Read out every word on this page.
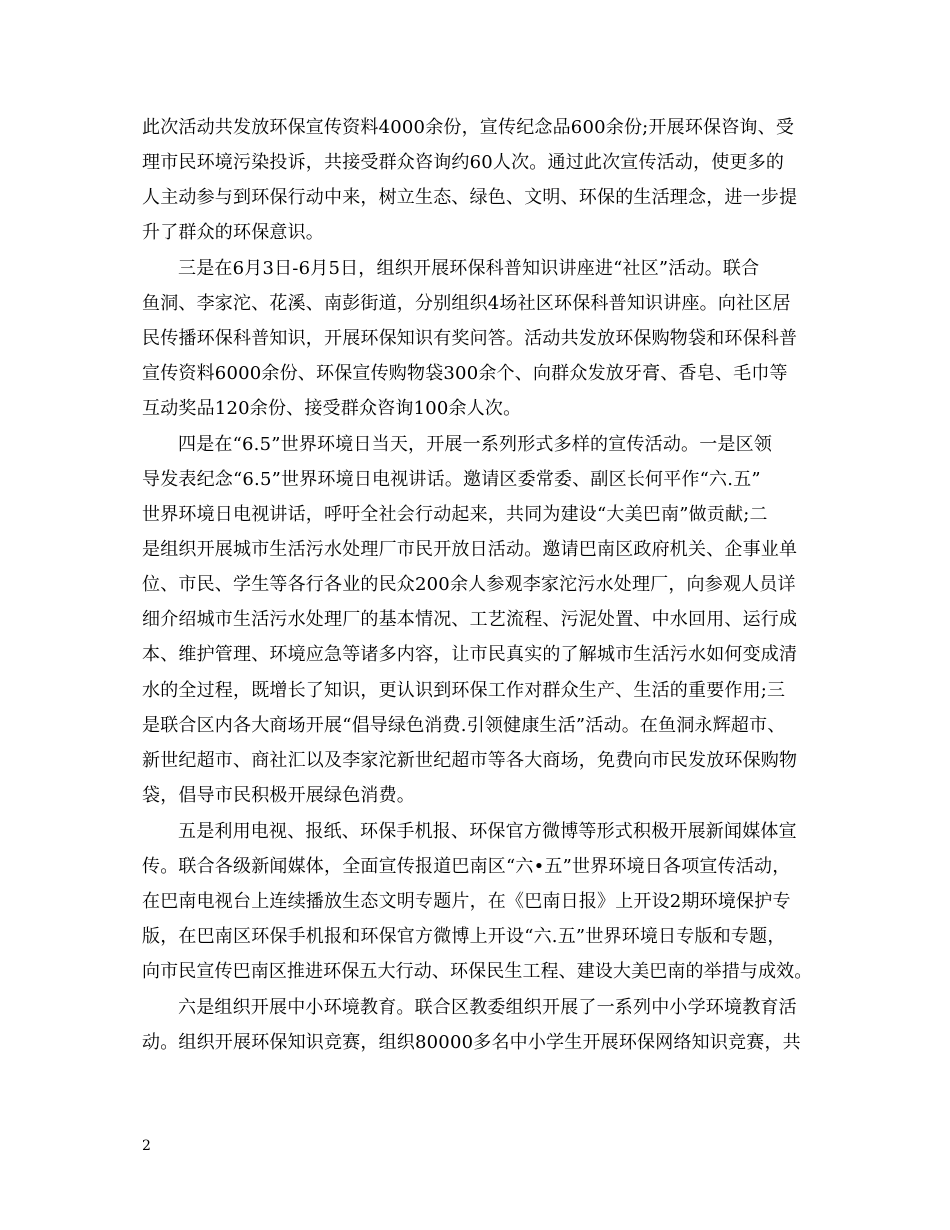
此次活动共发放环保宣传资料4000余份，宣传纪念品600余份;开展环保咨询、受
理市民环境污染投诉，共接受群众咨询约60人次。通过此次宣传活动，使更多的
人主动参与到环保行动中来，树立生态、绿色、文明、环保的生活理念，进一步提
升了群众的环保意识。
三是在6月3日-6月5日，组织开展环保科普知识讲座进“社区”活动。联合
鱼洞、李家沱、花溪、南彭街道，分别组织4场社区环保科普知识讲座。向社区居
民传播环保科普知识，开展环保知识有奖问答。活动共发放环保购物袋和环保科普
宣传资料6000余份、环保宣传购物袋300余个、向群众发放牙膏、香皂、毛巾等
互动奖品120余份、接受群众咨询100余人次。
四是在“6.5”世界环境日当天，开展一系列形式多样的宣传活动。一是区领
导发表纪念“6.5”世界环境日电视讲话。邀请区委常委、副区长何平作“六.五”
世界环境日电视讲话，呼吁全社会行动起来，共同为建设“大美巴南”做贡献;二
是组织开展城市生活污水处理厂市民开放日活动。邀请巴南区政府机关、企事业单
位、市民、学生等各行各业的民众200余人参观李家沱污水处理厂，向参观人员详
细介绍城市生活污水处理厂的基本情况、工艺流程、污泥处置、中水回用、运行成
本、维护管理、环境应急等诸多内容，让市民真实的了解城市生活污水如何变成清
水的全过程，既增长了知识，更认识到环保工作对群众生产、生活的重要作用;三
是联合区内各大商场开展“倡导绿色消费.引领健康生活”活动。在鱼洞永辉超市、
新世纪超市、商社汇以及李家沱新世纪超市等各大商场，免费向市民发放环保购物
袋，倡导市民积极开展绿色消费。
五是利用电视、报纸、环保手机报、环保官方微博等形式积极开展新闻媒体宣
传。联合各级新闻媒体，全面宣传报道巴南区“六•五”世界环境日各项宣传活动，
在巴南电视台上连续播放生态文明专题片，在《巴南日报》上开设2期环境保护专
版，在巴南区环保手机报和环保官方微博上开设“六.五”世界环境日专版和专题，
向市民宣传巴南区推进环保五大行动、环保民生工程、建设大美巴南的举措与成效。
六是组织开展中小环境教育。联合区教委组织开展了一系列中小学环境教育活
动。组织开展环保知识竞赛，组织80000多名中小学生开展环保网络知识竞赛，共
2
